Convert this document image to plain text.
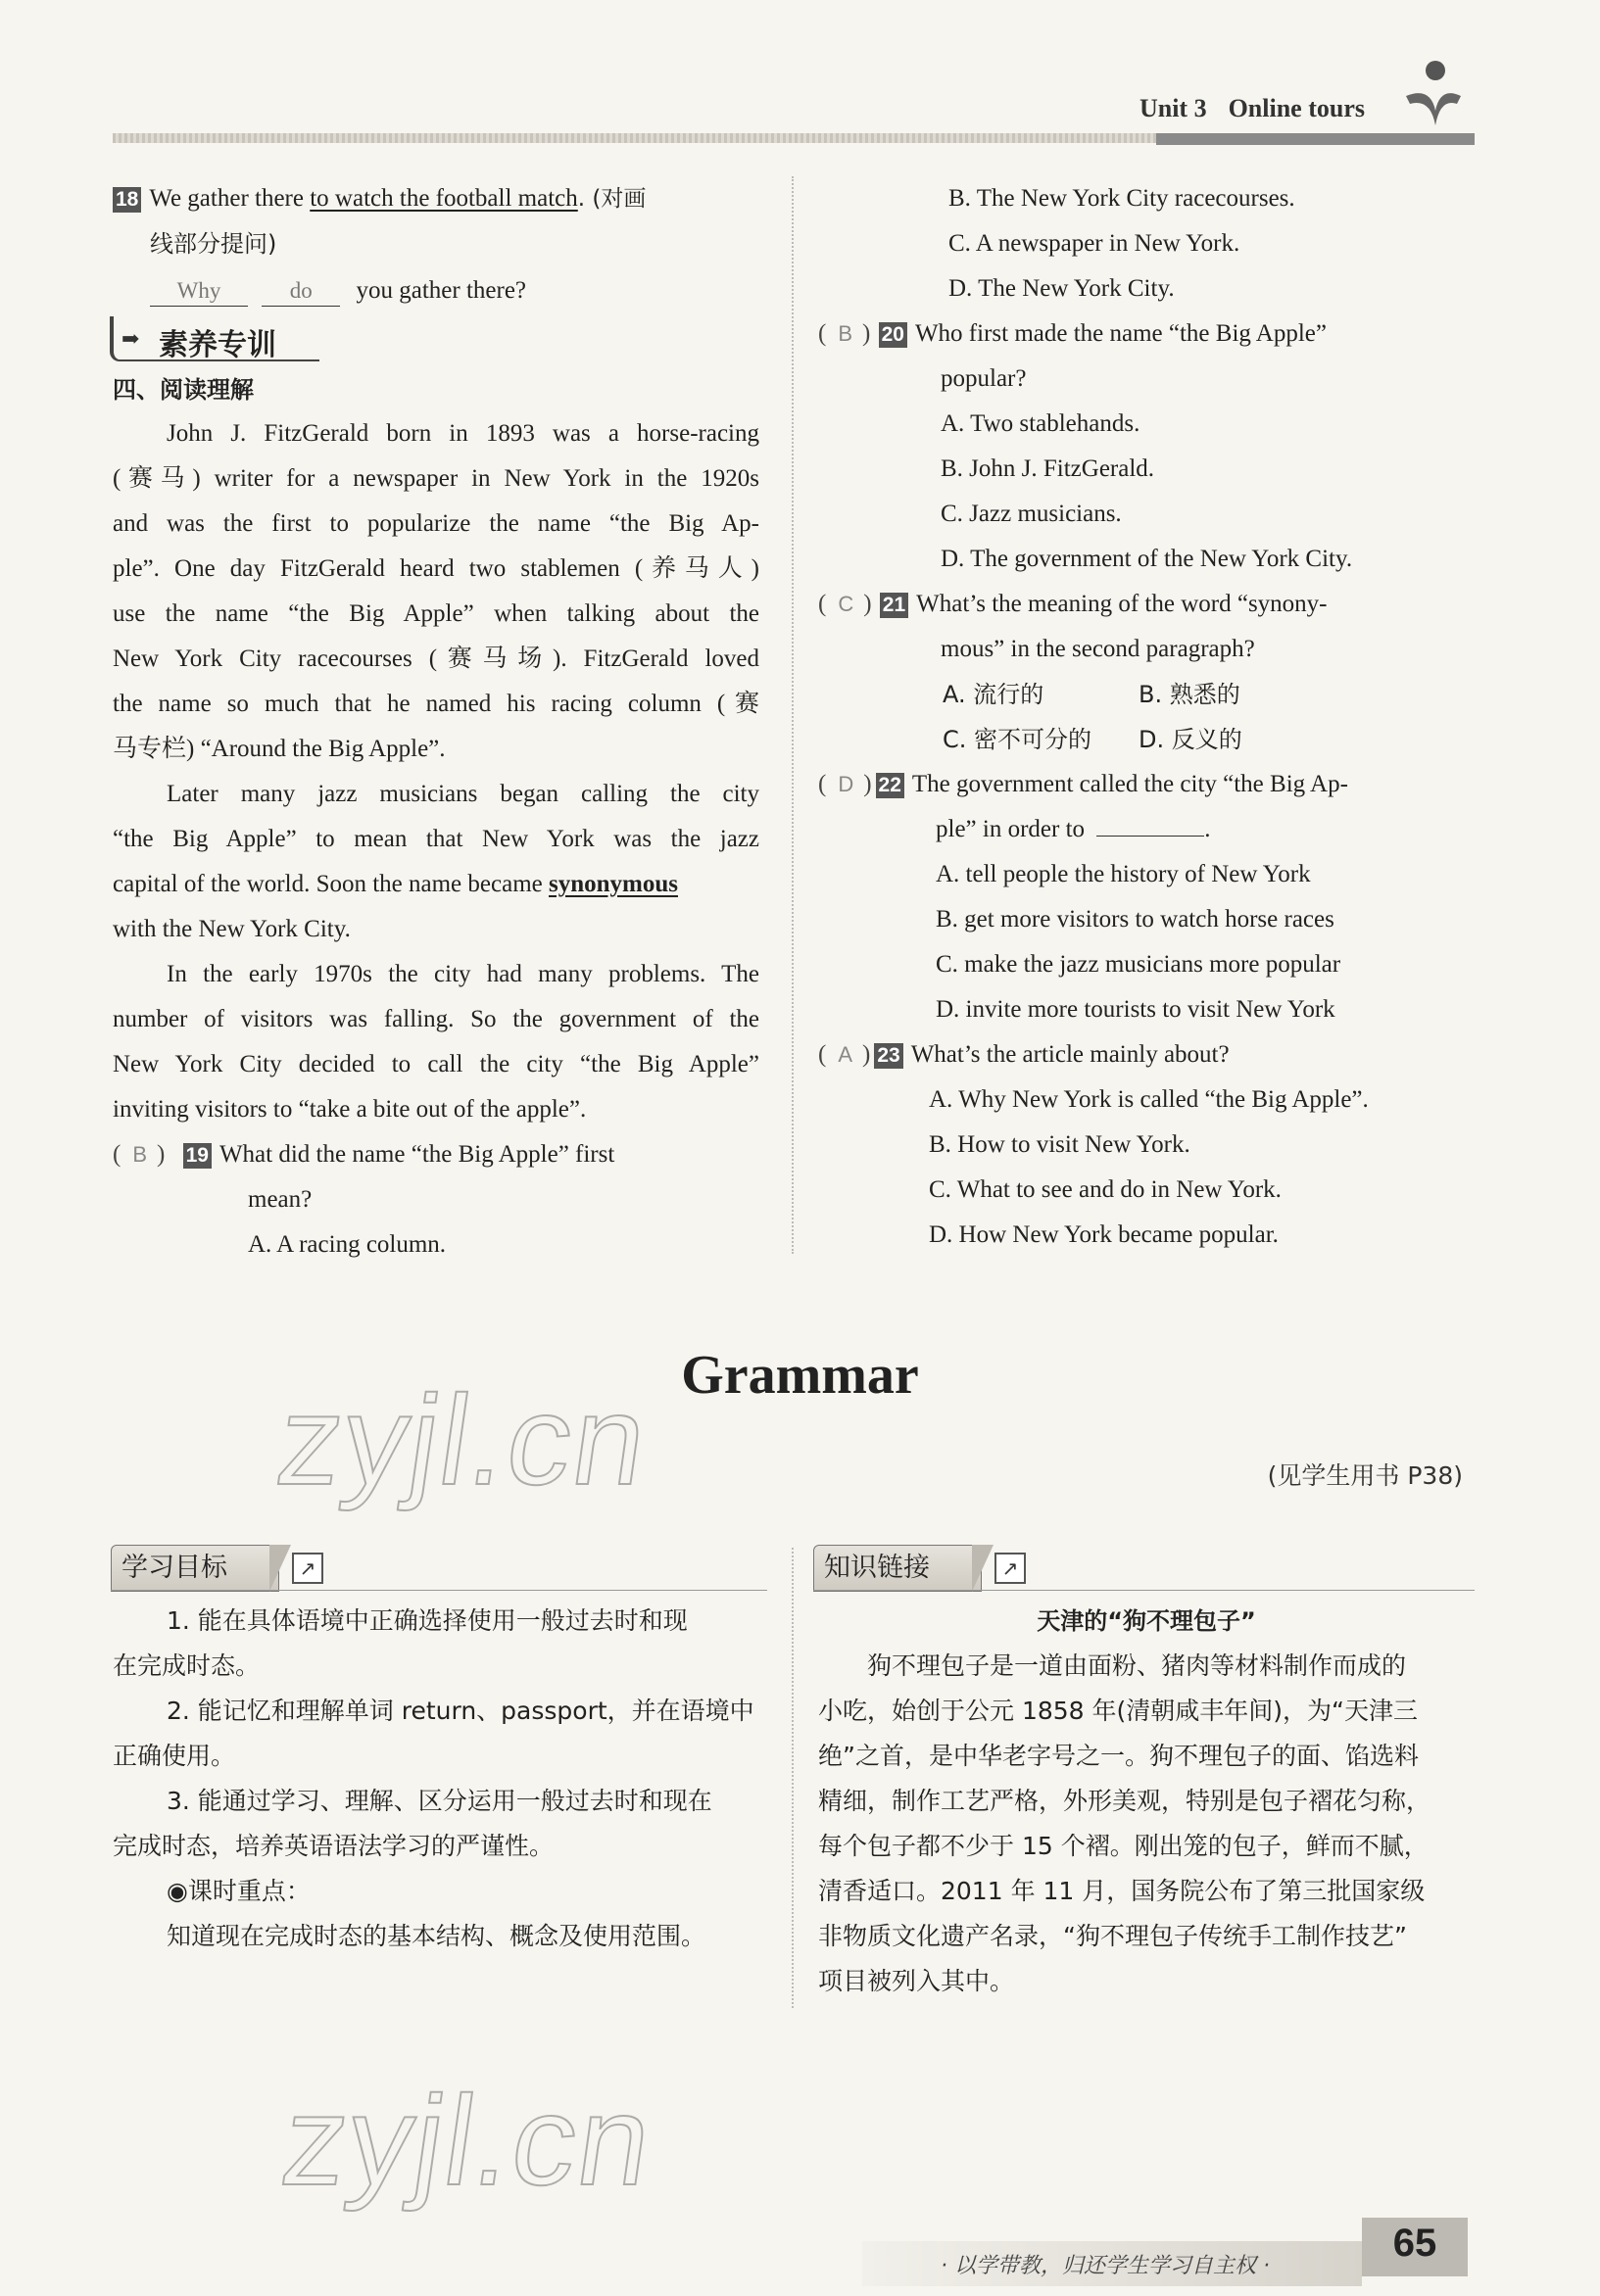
Unit 3 Online tours
18 We gather there to watch the football match. (对画
线部分提问)
Why	do you gather there?
➡ 素养专训
四、阅读理解
John J. FitzGerald born in 1893 was a horse-racing
(赛马) writer for a newspaper in New York in the 1920s
and was the first to popularize the name “the Big Ap-
ple”. One day FitzGerald heard two stablemen (养马人)
use the name “the Big Apple” when talking about the
New York City racecourses (赛马场). FitzGerald loved
the name so much that he named his racing column (赛
马专栏) “Around the Big Apple”.
Later many jazz musicians began calling the city
“the Big Apple” to mean that New York was the jazz
capital of the world. Soon the name became synonymous
with the New York City.
In the early 1970s the city had many problems. The
number of visitors was falling. So the government of the
New York City decided to call the city “the Big Apple”
inviting visitors to “take a bite out of the apple”.
( B ) 19 What did the name “the Big Apple” first
mean?
A. A racing column.
B. The New York City racecourses.
C. A newspaper in New York.
D. The New York City.
( B ) 20 Who first made the name “the Big Apple”
popular?
A. Two stablehands.
B. John J. FitzGerald.
C. Jazz musicians.
D. The government of the New York City.
( C ) 21 What’s the meaning of the word “synony-
mous” in the second paragraph?
A. 流行的	B. 熟悉的
C. 密不可分的 D. 反义的
( D ) 22 The government called the city “the Big Ap-
ple” in order to	.
A. tell people the history of New York
B. get more visitors to watch horse races
C. make the jazz musicians more popular
D. invite more tourists to visit New York
( A ) 23 What’s the article mainly about?
A. Why New York is called “the Big Apple”.
B. How to visit New York.
C. What to see and do in New York.
D. How New York became popular.
zyjl.cn Grammar
(见学生用书 P38)
学习目标	↗
1. 能在具体语境中正确选择使用一般过去时和现
在完成时态。
2. 能记忆和理解单词 return、passport，并在语境中
正确使用。
3. 能通过学习、理解、区分运用一般过去时和现在
完成时态，培养英语语法学习的严谨性。
◉课时重点：
知道现在完成时态的基本结构、概念及使用范围。
知识链接	↗
天津的“狗不理包子”
狗不理包子是一道由面粉、猪肉等材料制作而成的
小吃，始创于公元 1858 年(清朝咸丰年间)，为“天津三
绝”之首，是中华老字号之一。狗不理包子的面、馅选料
精细，制作工艺严格，外形美观，特别是包子褶花匀称，
每个包子都不少于 15 个褶。刚出笼的包子，鲜而不腻，
清香适口。2011 年 11 月，国务院公布了第三批国家级
非物质文化遗产名录，“狗不理包子传统手工制作技艺”
项目被列入其中。
zyjl.cn
· 以学带教，归还学生学习自主权 ·
65
